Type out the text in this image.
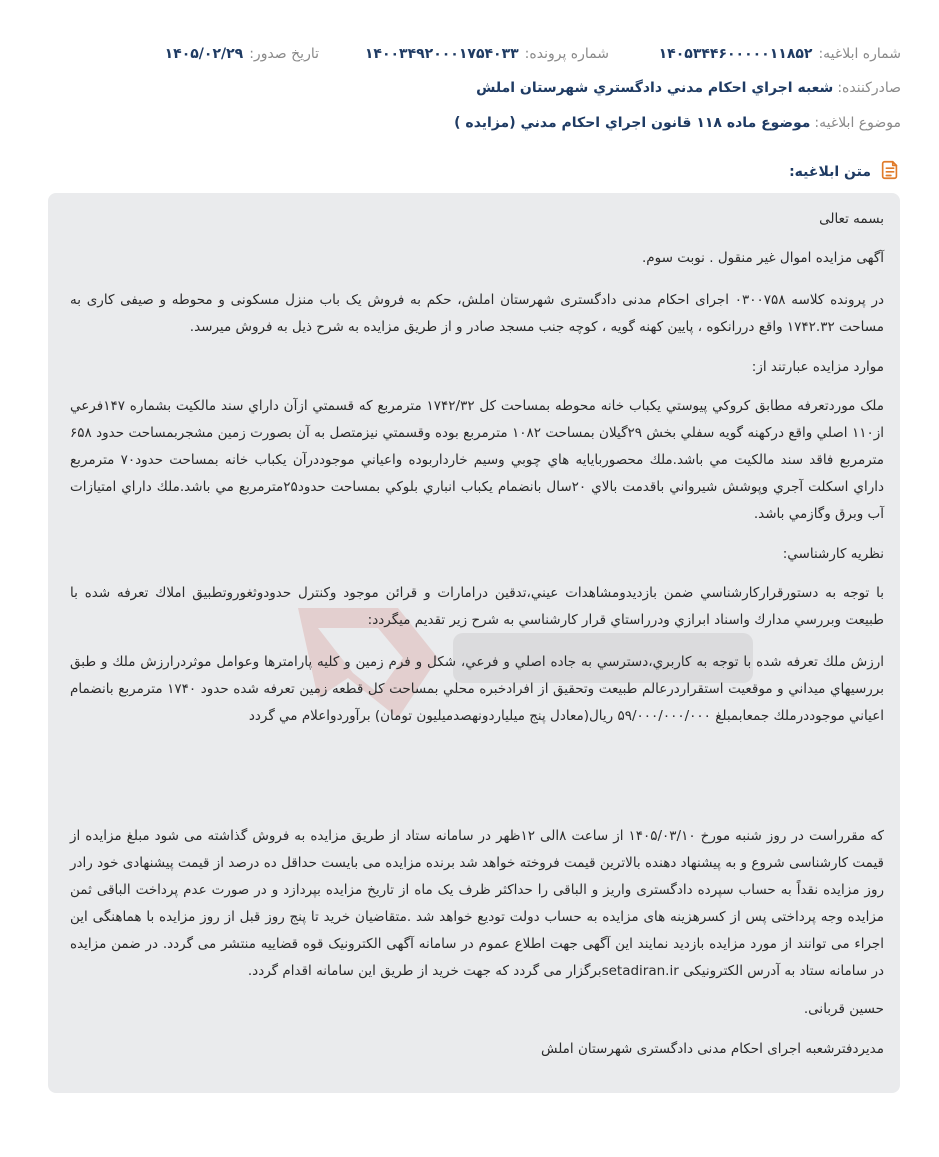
شماره ابلاغیه:۱۴۰۵۳۴۴۶۰۰۰۰۰۱۱۸۵۲
شماره پرونده:۱۴۰۰۳۴۹۲۰۰۰۱۷۵۴۰۳۳
تاریخ صدور:۱۴۰۵/۰۲/۲۹
صادرکننده:شعبه اجراي احكام مدني دادگستري شهرستان املش
موضوع ابلاغیه:موضوع ماده ۱۱۸ قانون اجراي احكام مدني (مزايده )
متن ابلاغیه:

بسمه تعالی

آگهی مزایده اموال غیر منقول . نوبت سوم.

در پرونده کلاسه ۰۳۰۰۷۵۸ اجرای احکام مدنی دادگستری شهرستان املش، حکم به فروش یک باب منزل مسکونی و محوطه و صیفی کاری به مساحت ۱۷۴۲.۳۲ واقع دررانکوه ، پایین کهنه گویه ، کوچه جنب مسجد صادر و از طریق مزایده به شرح ذیل به فروش میرسد.

موارد مزایده عبارتند از:

ملک موردتعرفه مطابق كروكي پيوستي يكباب خانه محوطه بمساحت كل ۱۷۴۲/۳۲ مترمربع كه قسمتي ازآن داراي سند مالكيت بشماره ۱۴۷فرعي از۱۱۰ اصلي واقع دركهنه گويه سفلي بخش ۲۹گيلان بمساحت ۱۰۸۲ مترمربع بوده وقسمتي نيزمتصل به آن بصورت زمين مشجربمساحت حدود ۶۵۸ مترمربع فاقد سند مالكيت مي باشد.ملك محصوربايايه هاي چوبي وسيم خارداربوده واعياني موجوددرآن يكباب خانه بمساحت حدود۷۰ مترمربع داراي اسكلت آجري وپوشش شيرواني باقدمت بالاي ۲۰سال بانضمام يكباب انباري بلوكي بمساحت حدود۲۵مترمربع مي باشد.ملك داراي امتيازات آب وبرق وگازمي باشد.

نظریه کارشناسي:

با توجه به دستورقراركارشناسي ضمن بازديدومشاهدات عيني،تدقين درامارات و قرائن موجود وكنترل حدودوثغوروتطبيق املاك تعرفه شده با طبيعت وبررسي مدارك واسناد ابرازي ودرراستاي قرار كارشناسي به شرح زير تقديم ميگردد:

ارزش ملك تعرفه شده با توجه به كاربري،دسترسي به جاده اصلي و فرعي، شكل و فرم زمين و كليه پارامترها وعوامل موثردرارزش ملك و طبق بررسيهاي ميداني و موقعيت استقراردرعالم طبيعت وتحقيق از افرادخبره محلي بمساحت كل قطعه زمين تعرفه شده حدود ۱۷۴۰ مترمربع بانضمام اعياني موجوددرملك جمعابمبلغ ۵۹/۰۰۰/۰۰۰/۰۰۰ ريال(معادل پنج ميلياردونهصدميليون تومان) برآوردواعلام مي گردد

که مقرراست در روز شنبه مورخ ۱۴۰۵/۰۳/۱۰ از ساعت ۸الی ۱۲ظهر در سامانه ستاد از طریق مزایده به فروش گذاشته می شود مبلغ مزایده از قیمت کارشناسی شروع و به پیشنهاد دهنده بالاترین قیمت فروخته خواهد شد برنده مزایده می بایست حداقل ده درصد از قیمت پیشنهادی خود رادر روز مزایده نقداً به حساب سپرده دادگستری واریز و الباقی را حداکثر ظرف یک ماه از تاریخ مزایده بپردازد و در صورت عدم پرداخت الباقی ثمن مزایده وجه پرداختی پس از کسرهزینه های مزایده به حساب دولت توديع خواهد شد .متقاضیان خرید تا پنج روز قبل از روز مزایده با هماهنگی این اجراء می توانند از مورد مزایده بازدید نمایند این آگهی جهت اطلاع عموم در سامانه آگهی الکترونیک قوه قضاییه منتشر می گردد. در ضمن مزایده در سامانه ستاد به آدرس الکترونیکی setadiran.irبرگزار می گردد که جهت خرید از طریق این سامانه اقدام گردد.

حسین قربانی.

مدیردفترشعبه اجرای احکام مدنی دادگستری شهرستان املش
